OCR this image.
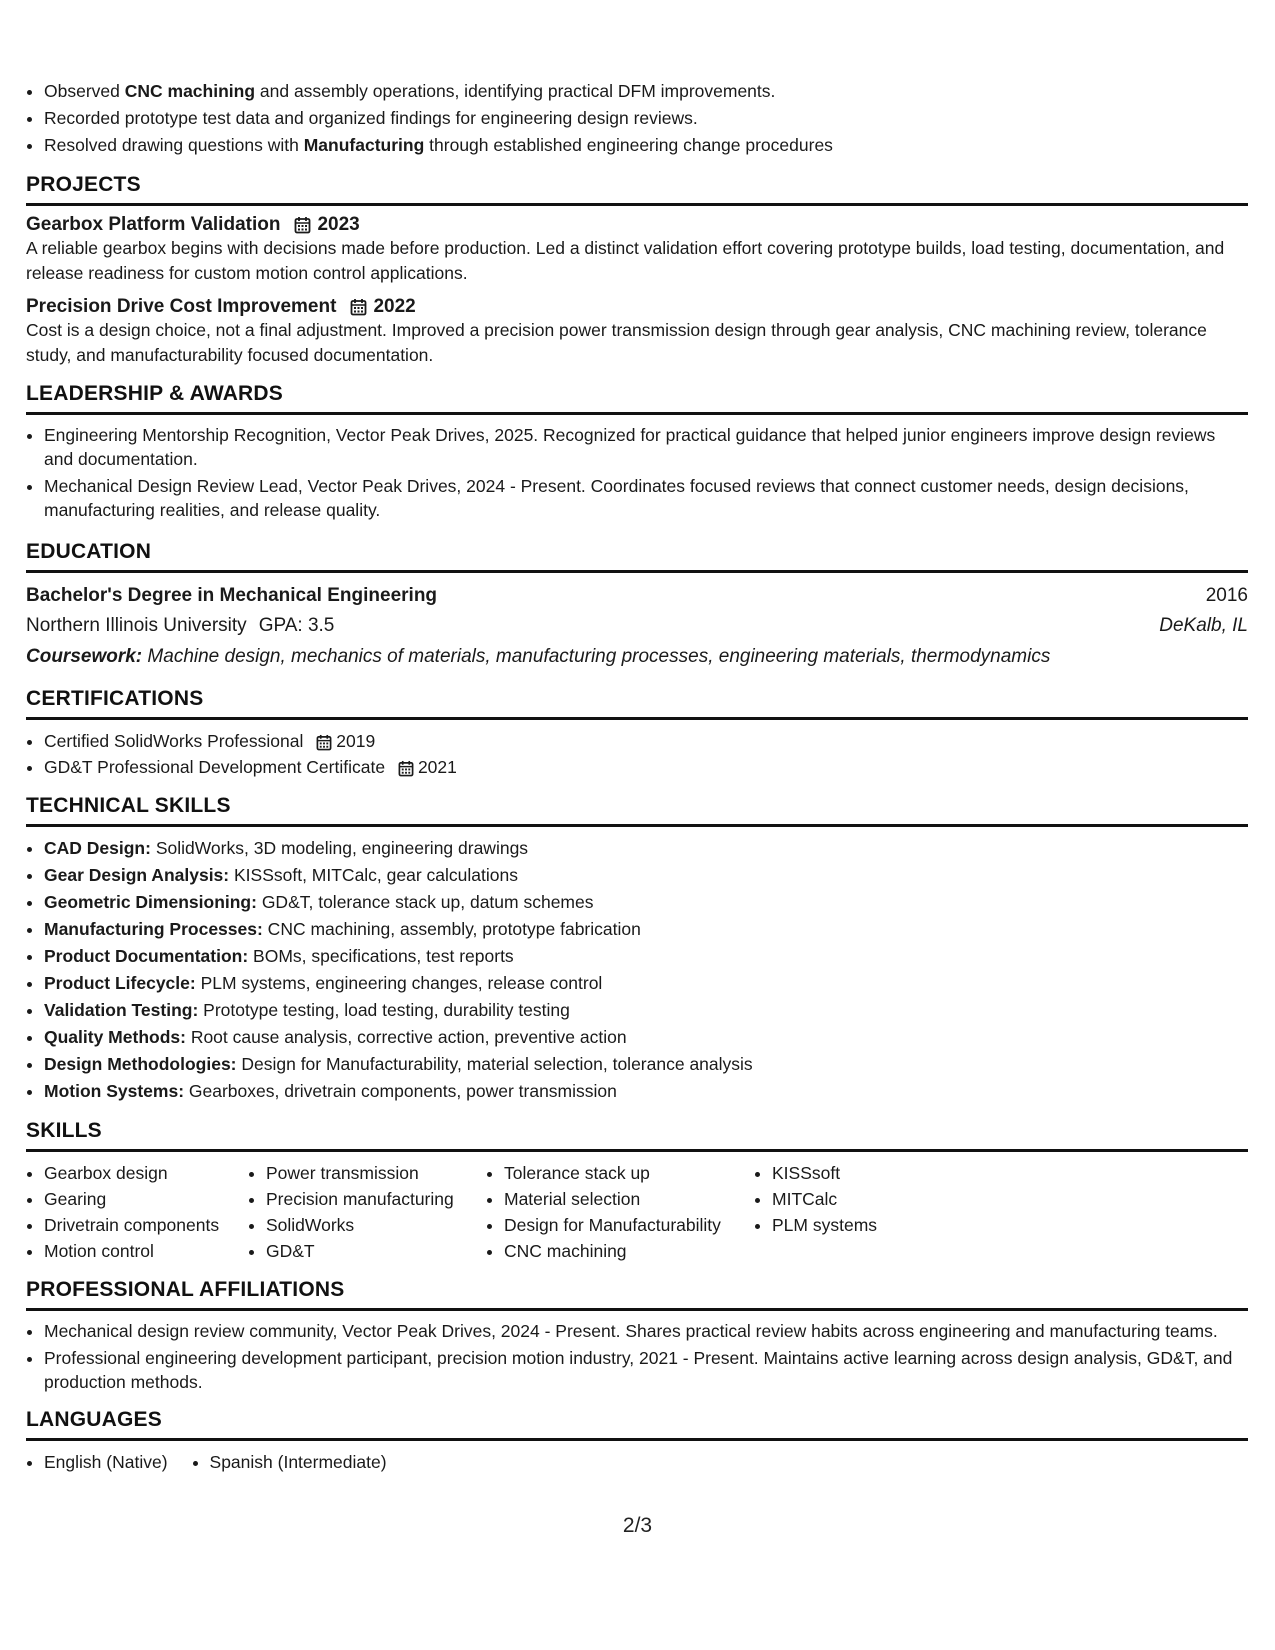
• Observed CNC machining and assembly operations, identifying practical DFM improvements.
• Recorded prototype test data and organized findings for engineering design reviews.
• Resolved drawing questions with Manufacturing through established engineering change procedures
PROJECTS
Gearbox Platform Validation 2023
A reliable gearbox begins with decisions made before production. Led a distinct validation effort covering prototype builds, load testing, documentation, and release readiness for custom motion control applications.
Precision Drive Cost Improvement 2022
Cost is a design choice, not a final adjustment. Improved a precision power transmission design through gear analysis, CNC machining review, tolerance study, and manufacturability focused documentation.
LEADERSHIP & AWARDS
• Engineering Mentorship Recognition, Vector Peak Drives, 2025. Recognized for practical guidance that helped junior engineers improve design reviews and documentation.
• Mechanical Design Review Lead, Vector Peak Drives, 2024 - Present. Coordinates focused reviews that connect customer needs, design decisions, manufacturing realities, and release quality.
EDUCATION
Bachelor's Degree in Mechanical Engineering	2016
Northern Illinois University GPA: 3.5	DeKalb, IL
Coursework: Machine design, mechanics of materials, manufacturing processes, engineering materials, thermodynamics
CERTIFICATIONS
• Certified SolidWorks Professional 2019
• GD&T Professional Development Certificate 2021
TECHNICAL SKILLS
• CAD Design: SolidWorks, 3D modeling, engineering drawings
• Gear Design Analysis: KISSsoft, MITCalc, gear calculations
• Geometric Dimensioning: GD&T, tolerance stack up, datum schemes
• Manufacturing Processes: CNC machining, assembly, prototype fabrication
• Product Documentation: BOMs, specifications, test reports
• Product Lifecycle: PLM systems, engineering changes, release control
• Validation Testing: Prototype testing, load testing, durability testing
• Quality Methods: Root cause analysis, corrective action, preventive action
• Design Methodologies: Design for Manufacturability, material selection, tolerance analysis
• Motion Systems: Gearboxes, drivetrain components, power transmission
SKILLS
• Gearbox design
• Gearing
• Drivetrain components
• Motion control
• Power transmission
• Precision manufacturing
• SolidWorks
• GD&T
• Tolerance stack up
• Material selection
• Design for Manufacturability
• CNC machining
• KISSsoft
• MITCalc
• PLM systems
PROFESSIONAL AFFILIATIONS
• Mechanical design review community, Vector Peak Drives, 2024 - Present. Shares practical review habits across engineering and manufacturing teams.
• Professional engineering development participant, precision motion industry, 2021 - Present. Maintains active learning across design analysis, GD&T, and production methods.
LANGUAGES
• English (Native)
• Spanish (Intermediate)
2/3
